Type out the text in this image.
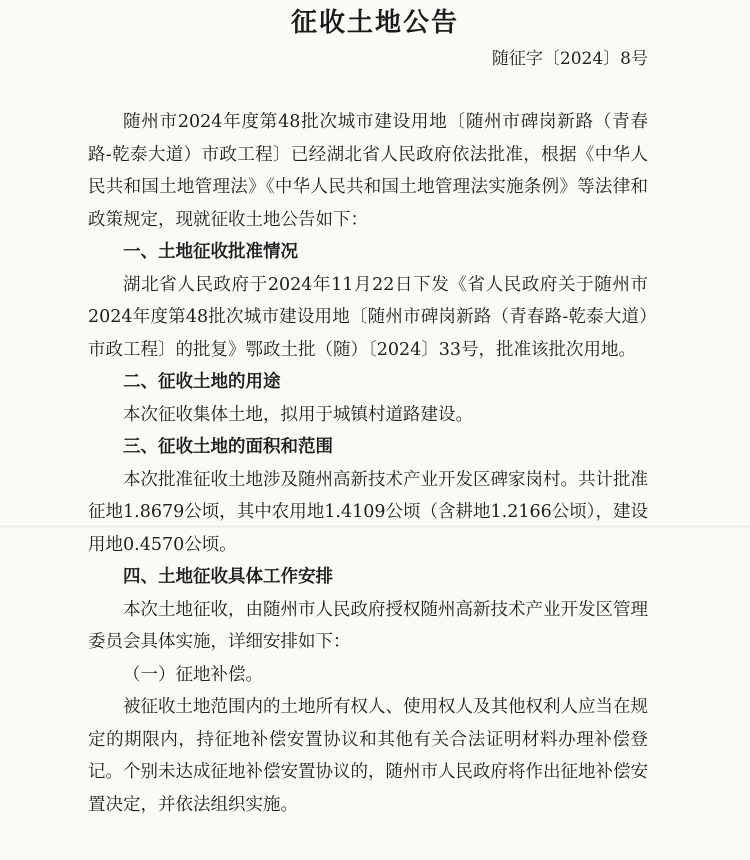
征收土地公告
随征字〔2024〕8号

随州市2024年度第48批次城市建设用地〔随州市碑岗新路（青春路-乾泰大道）市政工程〕已经湖北省人民政府依法批准，根据《中华人民共和国土地管理法》《中华人民共和国土地管理法实施条例》等法律和政策规定，现就征收土地公告如下：

一、土地征收批准情况

湖北省人民政府于2024年11月22日下发《省人民政府关于随州市2024年度第48批次城市建设用地〔随州市碑岗新路（青春路-乾泰大道）市政工程〕的批复》鄂政土批（随）〔2024〕33号，批准该批次用地。

二、征收土地的用途

本次征收集体土地，拟用于城镇村道路建设。

三、征收土地的面积和范围

本次批准征收土地涉及随州高新技术产业开发区碑家岗村。共计批准征地1.8679公顷，其中农用地1.4109公顷（含耕地1.2166公顷），建设用地0.4570公顷。

四、土地征收具体工作安排

本次土地征收，由随州市人民政府授权随州高新技术产业开发区管理委员会具体实施，详细安排如下：

（一）征地补偿。

被征收土地范围内的土地所有权人、使用权人及其他权利人应当在规定的期限内，持征地补偿安置协议和其他有关合法证明材料办理补偿登记。个别未达成征地补偿安置协议的，随州市人民政府将作出征地补偿安置决定，并依法组织实施。
